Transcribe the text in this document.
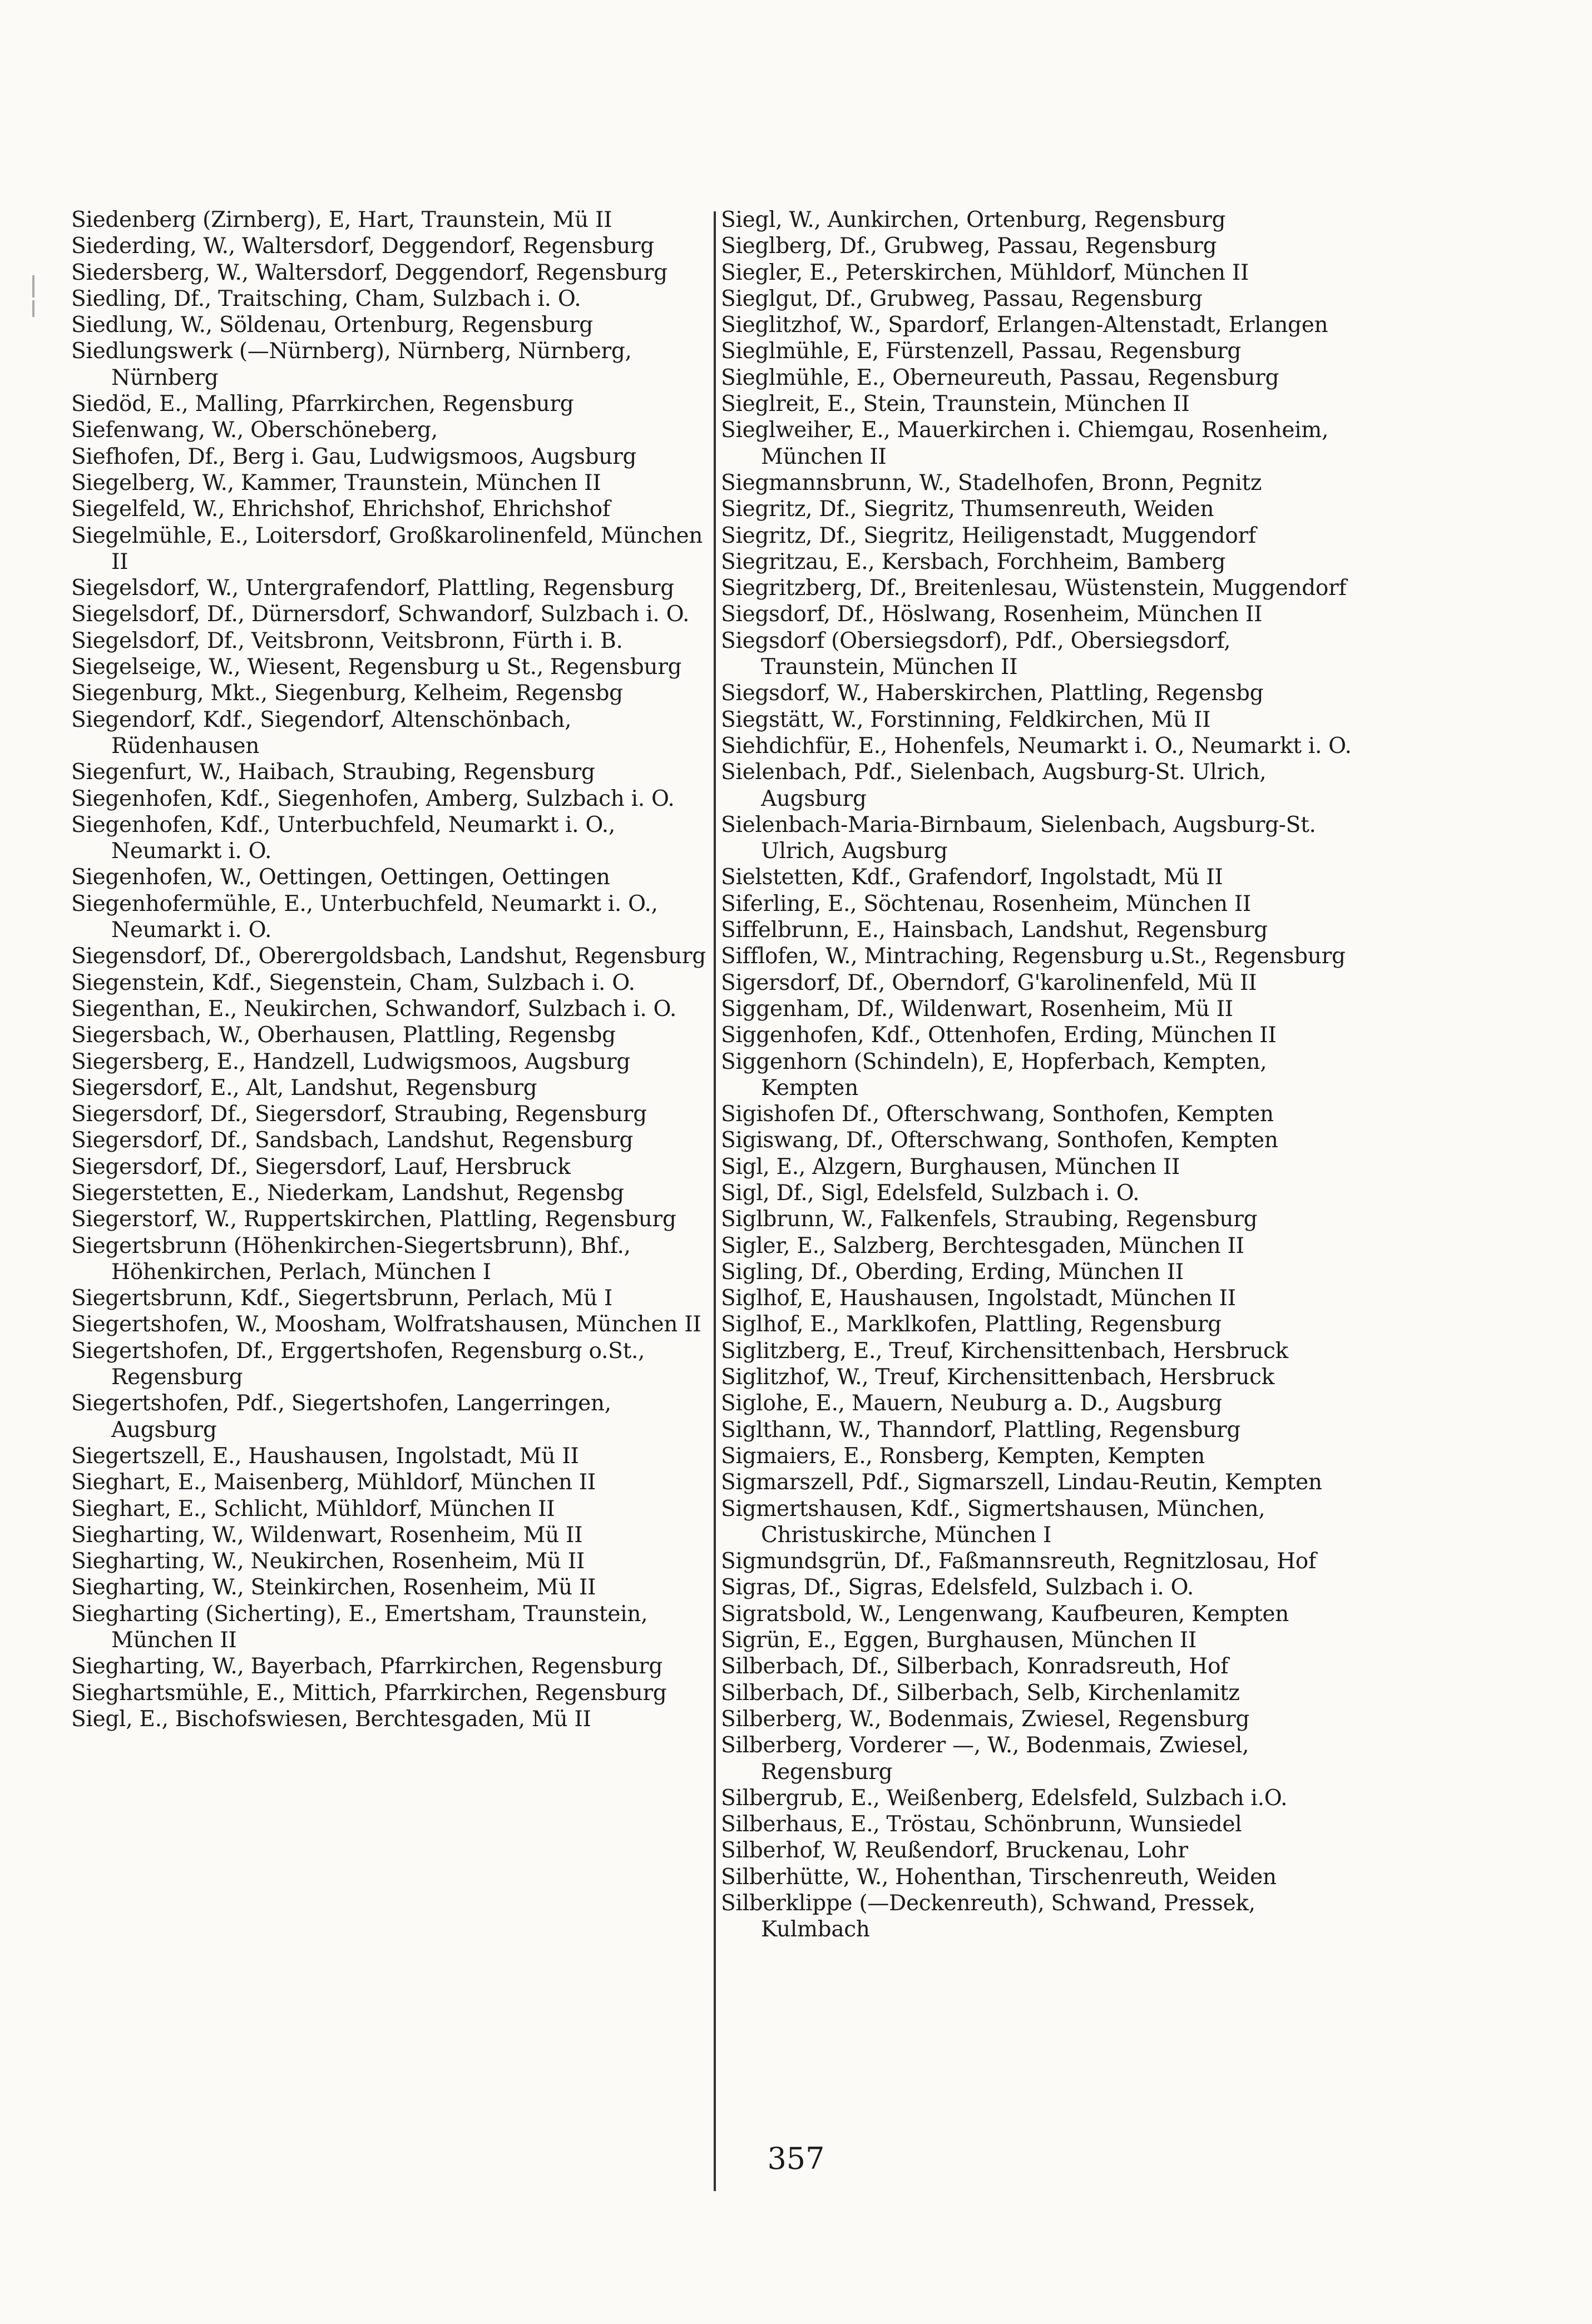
Siedenberg (Zirnberg), E, Hart, Traunstein, Mü II
Siederding, W., Waltersdorf, Deggendorf, Regensburg
Siedersberg, W., Waltersdorf, Deggendorf, Regensburg
Siedling, Df., Traitsching, Cham, Sulzbach i. O.
Siedlung, W., Söldenau, Ortenburg, Regensburg
Siedlungswerk (—Nürnberg), Nürnberg, Nürnberg, Nürnberg
Siedöd, E., Malling, Pfarrkirchen, Regensburg
Siefenwang, W., Oberschöneberg,
Siefhofen, Df., Berg i. Gau, Ludwigsmoos, Augsburg
Siegelberg, W., Kammer, Traunstein, München II
Siegelfeld, W., Ehrichshof, Ehrichshof, Ehrichshof
Siegelmühle, E., Loitersdorf, Großkarolinenfeld, München II
Siegelsdorf, W., Untergrafendorf, Plattling, Regensburg
Siegelsdorf, Df., Dürnersdorf, Schwandorf, Sulzbach i. O.
Siegelsdorf, Df., Veitsbronn, Veitsbronn, Fürth i. B.
Siegelseige, W., Wiesent, Regensburg u St., Regensburg
Siegenburg, Mkt., Siegenburg, Kelheim, Regensbg
Siegendorf, Kdf., Siegendorf, Altenschönbach, Rüdenhausen
Siegenfurt, W., Haibach, Straubing, Regensburg
Siegenhofen, Kdf., Siegenhofen, Amberg, Sulzbach i. O.
Siegenhofen, Kdf., Unterbuchfeld, Neumarkt i. O., Neumarkt i. O.
Siegenhofen, W., Oettingen, Oettingen, Oettingen
Siegenhofermühle, E., Unterbuchfeld, Neumarkt i. O., Neumarkt i. O.
Siegensdorf, Df., Oberergoldsbach, Landshut, Regensburg
Siegenstein, Kdf., Siegenstein, Cham, Sulzbach i. O.
Siegenthan, E., Neukirchen, Schwandorf, Sulzbach i. O.
Siegersbach, W., Oberhausen, Plattling, Regensbg
Siegersberg, E., Handzell, Ludwigsmoos, Augsburg
Siegersdorf, E., Alt, Landshut, Regensburg
Siegersdorf, Df., Siegersdorf, Straubing, Regensburg
Siegersdorf, Df., Sandsbach, Landshut, Regensburg
Siegersdorf, Df., Siegersdorf, Lauf, Hersbruck
Siegerstetten, E., Niederkam, Landshut, Regensbg
Siegerstorf, W., Ruppertskirchen, Plattling, Regensburg
Siegertsbrunn (Höhenkirchen-Siegertsbrunn), Bhf., Höhenkirchen, Perlach, München I
Siegertsbrunn, Kdf., Siegertsbrunn, Perlach, Mü I
Siegertshofen, W., Moosham, Wolfratshausen, München II
Siegertshofen, Df., Erggertshofen, Regensburg o.St., Regensburg
Siegertshofen, Pdf., Siegertshofen, Langerringen, Augsburg
Siegertszell, E., Haushausen, Ingolstadt, Mü II
Sieghart, E., Maisenberg, Mühldorf, München II
Sieghart, E., Schlicht, Mühldorf, München II
Siegharting, W., Wildenwart, Rosenheim, Mü II
Siegharting, W., Neukirchen, Rosenheim, Mü II
Siegharting, W., Steinkirchen, Rosenheim, Mü II
Siegharting (Sicherting), E., Emertsham, Traunstein, München II
Siegharting, W., Bayerbach, Pfarrkirchen, Regensburg
Sieghartsmühle, E., Mittich, Pfarrkirchen, Regensburg
Siegl, E., Bischofswiesen, Berchtesgaden, Mü II
Siegl, W., Aunkirchen, Ortenburg, Regensburg
Sieglberg, Df., Grubweg, Passau, Regensburg
Siegler, E., Peterskirchen, Mühldorf, München II
Sieglgut, Df., Grubweg, Passau, Regensburg
Sieglitzhof, W., Spardorf, Erlangen-Altenstadt, Erlangen
Sieglmühle, E, Fürstenzell, Passau, Regensburg
Sieglmühle, E., Oberneureuth, Passau, Regensburg
Sieglreit, E., Stein, Traunstein, München II
Sieglweiher, E., Mauerkirchen i. Chiemgau, Rosenheim, München II
Siegmannsbrunn, W., Stadelhofen, Bronn, Pegnitz
Siegritz, Df., Siegritz, Thumsenreuth, Weiden
Siegritz, Df., Siegritz, Heiligenstadt, Muggendorf
Siegritzau, E., Kersbach, Forchheim, Bamberg
Siegritzberg, Df., Breitenlesau, Wüstenstein, Muggendorf
Siegsdorf, Df., Höslwang, Rosenheim, München II
Siegsdorf (Obersiegsdorf), Pdf., Obersiegsdorf, Traunstein, München II
Siegsdorf, W., Haberskirchen, Plattling, Regensbg
Siegstätt, W., Forstinning, Feldkirchen, Mü II
Siehdichfür, E., Hohenfels, Neumarkt i. O., Neumarkt i. O.
Sielenbach, Pdf., Sielenbach, Augsburg-St. Ulrich, Augsburg
Sielenbach-Maria-Birnbaum, Sielenbach, Augsburg-St. Ulrich, Augsburg
Sielstetten, Kdf., Grafendorf, Ingolstadt, Mü II
Siferling, E., Söchtenau, Rosenheim, München II
Siffelbrunn, E., Hainsbach, Landshut, Regensburg
Sifflofen, W., Mintraching, Regensburg u.St., Regensburg
Sigersdorf, Df., Oberndorf, G'karolinenfeld, Mü II
Siggenham, Df., Wildenwart, Rosenheim, Mü II
Siggenhofen, Kdf., Ottenhofen, Erding, München II
Siggenhorn (Schindeln), E, Hopferbach, Kempten, Kempten
Sigishofen Df., Ofterschwang, Sonthofen, Kempten
Sigiswang, Df., Ofterschwang, Sonthofen, Kempten
Sigl, E., Alzgern, Burghausen, München II
Sigl, Df., Sigl, Edelsfeld, Sulzbach i. O.
Siglbrunn, W., Falkenfels, Straubing, Regensburg
Sigler, E., Salzberg, Berchtesgaden, München II
Sigling, Df., Oberding, Erding, München II
Siglhof, E, Haushausen, Ingolstadt, München II
Siglhof, E., Marklkofen, Plattling, Regensburg
Siglitzberg, E., Treuf, Kirchensittenbach, Hersbruck
Siglitzhof, W., Treuf, Kirchensittenbach, Hersbruck
Siglohe, E., Mauern, Neuburg a. D., Augsburg
Siglthann, W., Thanndorf, Plattling, Regensburg
Sigmaiers, E., Ronsberg, Kempten, Kempten
Sigmarszell, Pdf., Sigmarszell, Lindau-Reutin, Kempten
Sigmertshausen, Kdf., Sigmertshausen, München, Christuskirche, München I
Sigmundsgrün, Df., Faßmannsreuth, Regnitzlosau, Hof
Sigras, Df., Sigras, Edelsfeld, Sulzbach i. O.
Sigratsbold, W., Lengenwang, Kaufbeuren, Kempten
Sigrün, E., Eggen, Burghausen, München II
Silberbach, Df., Silberbach, Konradsreuth, Hof
Silberbach, Df., Silberbach, Selb, Kirchenlamitz
Silberberg, W., Bodenmais, Zwiesel, Regensburg
Silberberg, Vorderer —, W., Bodenmais, Zwiesel, Regensburg
Silbergrub, E., Weißenberg, Edelsfeld, Sulzbach i.O.
Silberhaus, E., Tröstau, Schönbrunn, Wunsiedel
Silberhof, W, Reußendorf, Bruckenau, Lohr
Silberhütte, W., Hohenthan, Tirschenreuth, Weiden
Silberklippe (—Deckenreuth), Schwand, Pressek, Kulmbach
357
